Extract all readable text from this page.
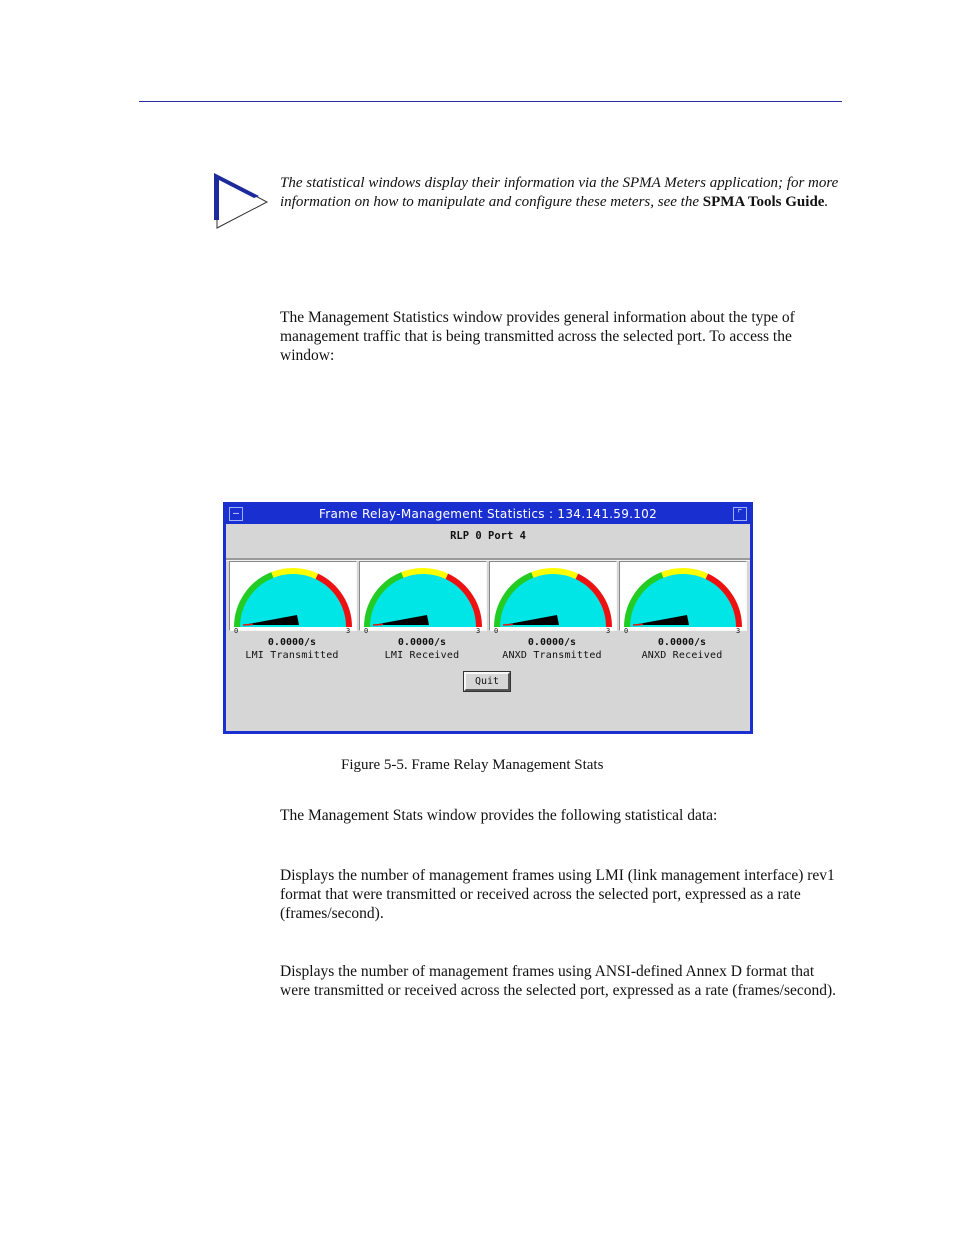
The statistical windows display their information via the SPMA Meters application; for more information on how to manipulate and configure these meters, see the SPMA Tools Guide.
The Management Statistics window provides general information about the type of management traffic that is being transmitted across the selected port. To access the window:
—	Frame Relay-Management Statistics : 134.141.59.102	⌜
RLP 0 Port 4
0	3
0.0000/s
LMI Transmitted
0	3
0.0000/s
LMI Received
0	3
0.0000/s
ANXD Transmitted
0	3
0.0000/s
ANXD Received
Quit
Figure 5-5. Frame Relay Management Stats
The Management Stats window provides the following statistical data:
Displays the number of management frames using LMI (link management interface) rev1 format that were transmitted or received across the selected port, expressed as a rate (frames/second).
Displays the number of management frames using ANSI-defined Annex D format that were transmitted or received across the selected port, expressed as a rate (frames/second).
